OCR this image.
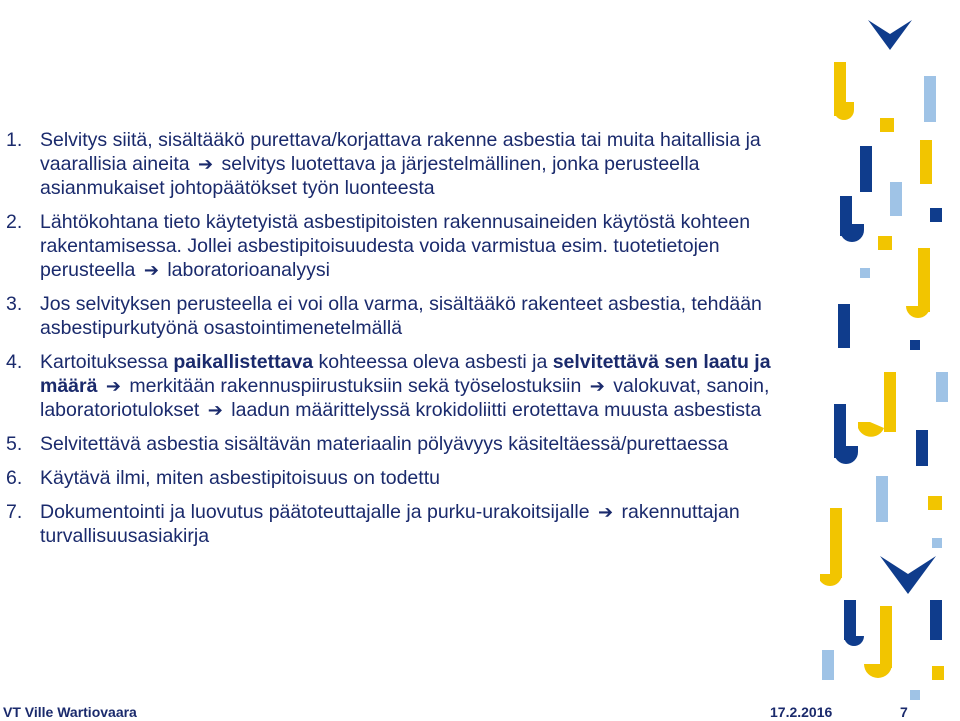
1. Selvitys siitä, sisältääkö purettava/korjattava rakenne asbestia tai muita haitallisia ja vaarallisia aineita ➔ selvitys luotettava ja järjestelmällinen, jonka perusteella asianmukaiset johtopäätökset työn luonteesta
2. Lähtökohtana tieto käytetyistä asbestipitoisten rakennusaineiden käytöstä kohteen rakentamisessa. Jollei asbestipitoisuudesta voida varmistua esim. tuotetietojen perusteella ➔ laboratorioanalyysi
3. Jos selvityksen perusteella ei voi olla varma, sisältääkö rakenteet asbestia, tehdään asbestipurkutyönä osastointimenetelmällä
4. Kartoituksessa paikallistettava kohteessa oleva asbesti ja selvitettävä sen laatu ja määrä ➔ merkitään rakennuspiirustuksiin sekä työselostuksiin ➔ valokuvat, sanoin, laboratoriotulokset ➔ laadun määrittelyssä krokidoliitti erotettava muusta asbestista
5. Selvitettävä asbestia sisältävän materiaalin pölyävyys käsiteltäessä/purettaessa
6. Käytävä ilmi, miten asbestipitoisuus on todettu
7. Dokumentointi ja luovutus päätoteuttajalle ja purku-urakoitsijalle ➔ rakennuttajan turvallisuusasiakirja
VT Ville Wartiovaara	17.2.2016	7
